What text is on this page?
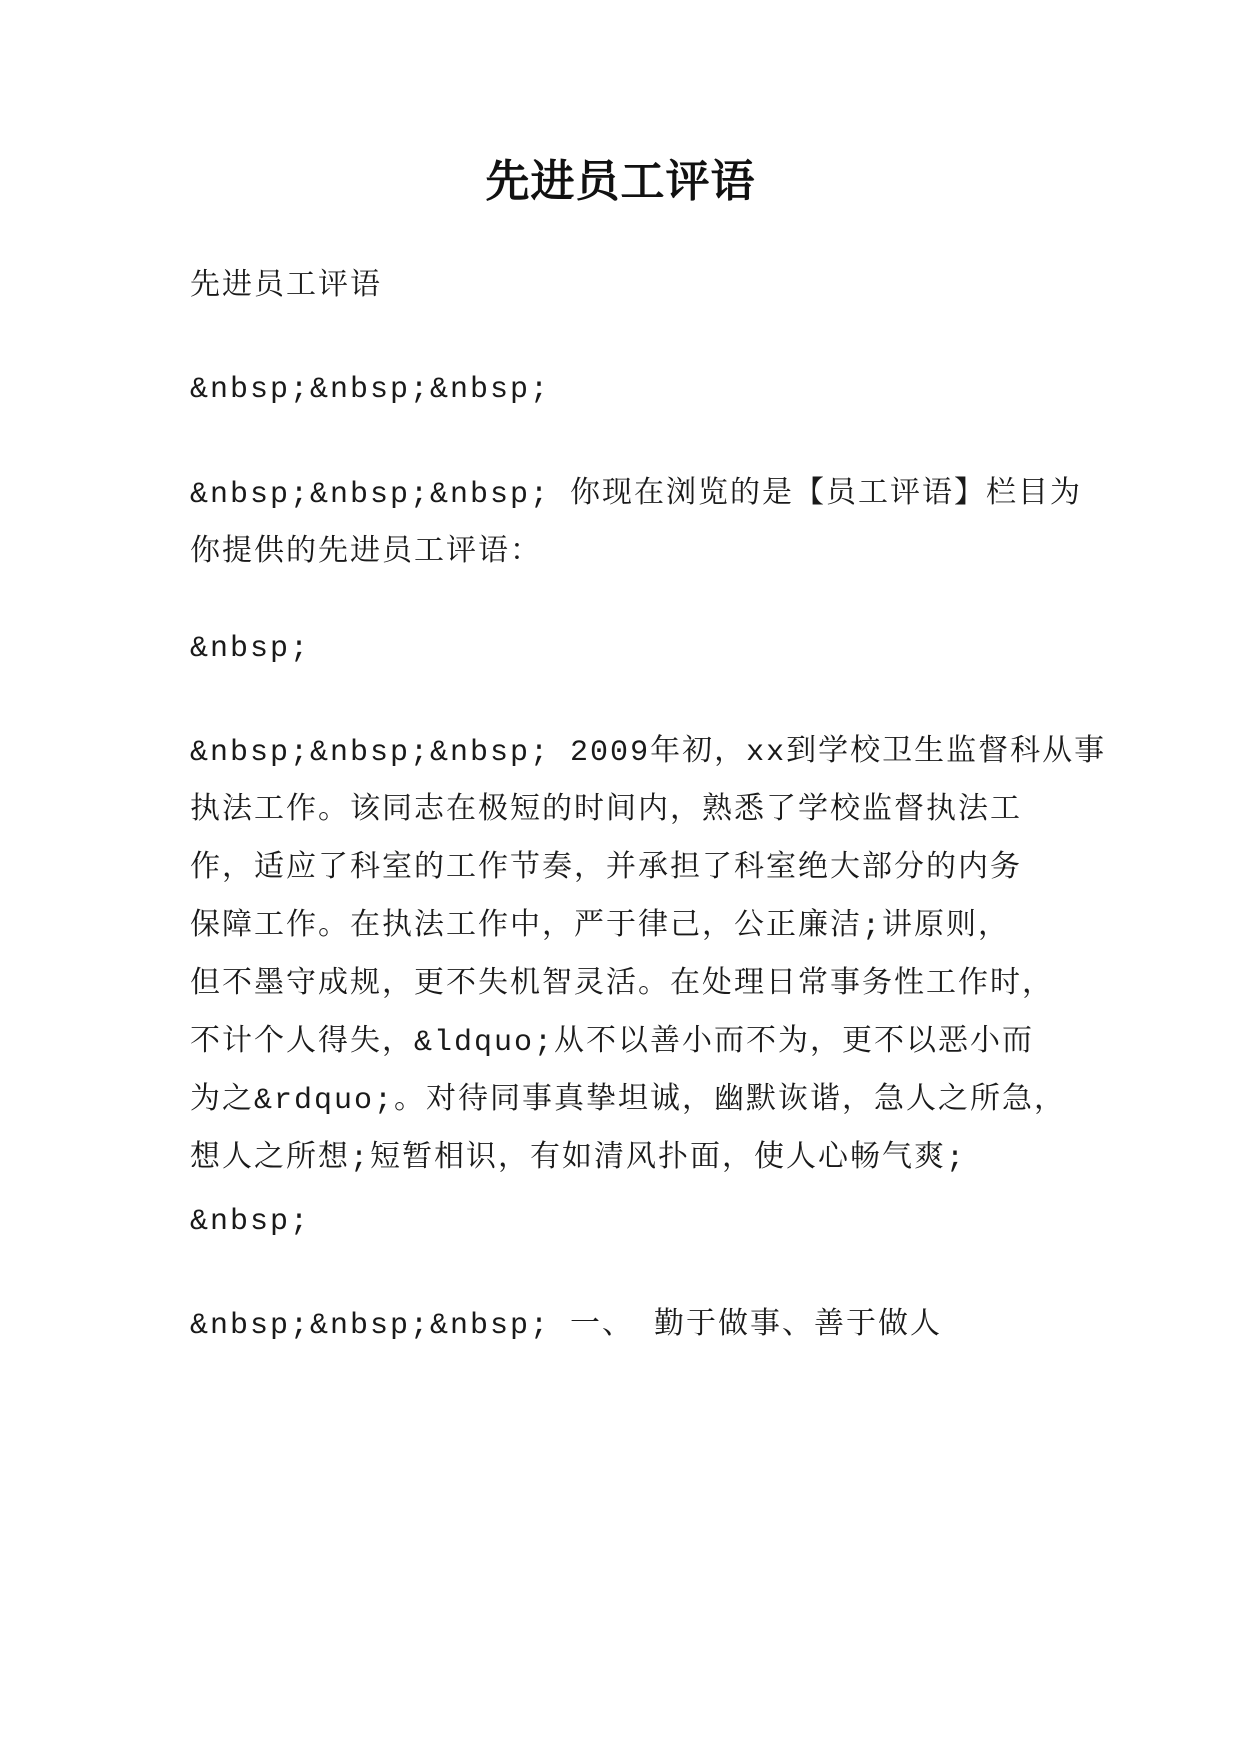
先进员工评语
先进员工评语
&nbsp;&nbsp;&nbsp;
&nbsp;&nbsp;&nbsp; 你现在浏览的是【员工评语】栏目为
你提供的先进员工评语：
&nbsp;
&nbsp;&nbsp;&nbsp; 2009年初，xx到学校卫生监督科从事
执法工作。该同志在极短的时间内，熟悉了学校监督执法工
作，适应了科室的工作节奏，并承担了科室绝大部分的内务
保障工作。在执法工作中，严于律己，公正廉洁;讲原则，
但不墨守成规，更不失机智灵活。在处理日常事务性工作时，
不计个人得失，&ldquo;从不以善小而不为，更不以恶小而
为之&rdquo;。对待同事真挚坦诚，幽默诙谐，急人之所急，
想人之所想;短暂相识，有如清风扑面，使人心畅气爽;
&nbsp;
&nbsp;&nbsp;&nbsp; 一、 勤于做事、善于做人
